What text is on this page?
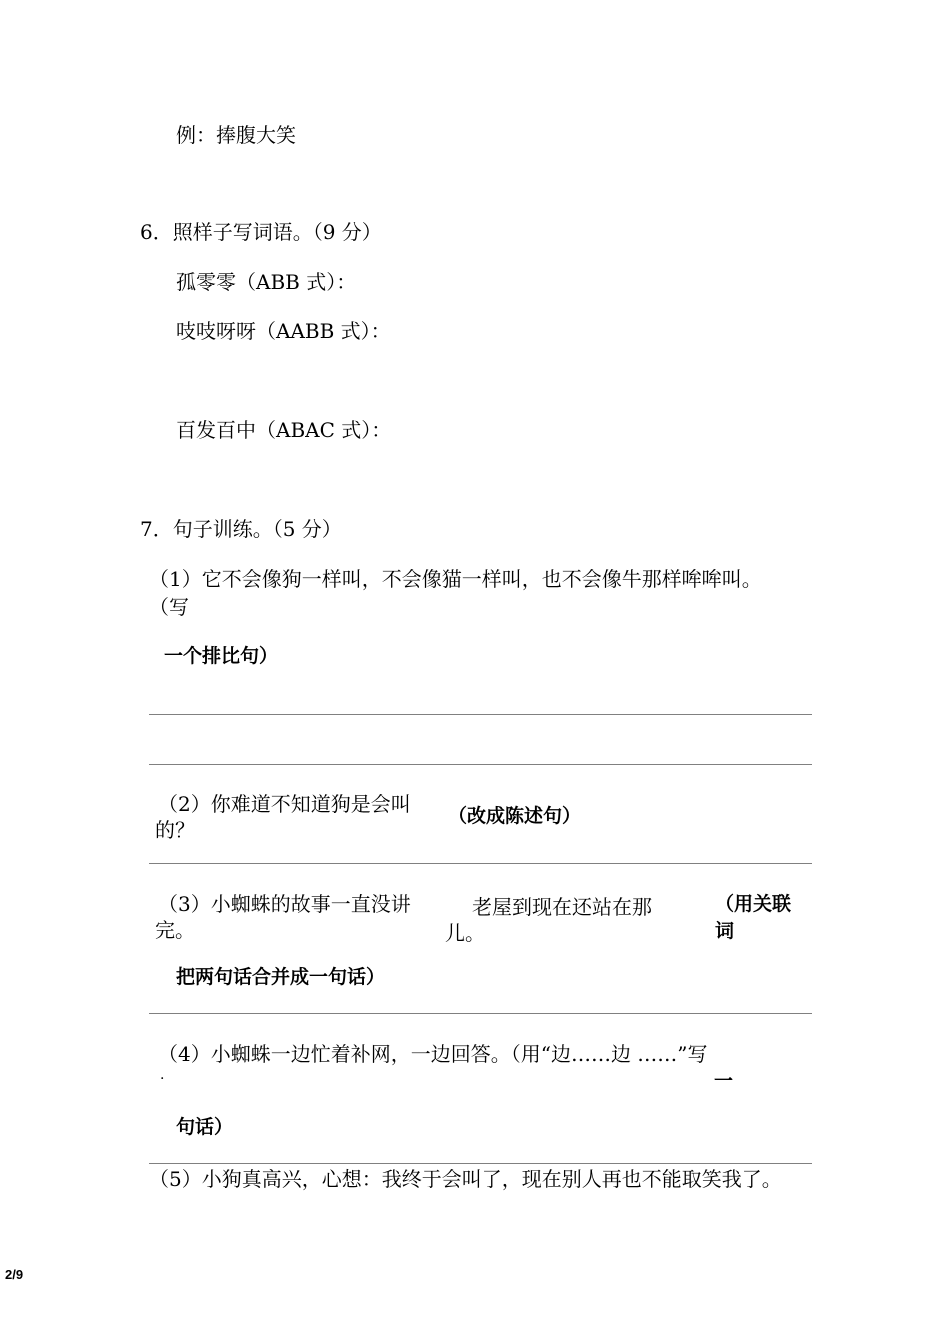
例：捧腹大笑
6．照样子写词语。（9 分）
孤零零（ABB 式）：
吱吱呀呀（AABB 式）：
百发百中（ABAC 式）：
7．句子训练。（5 分）
（1）它不会像狗一样叫，不会像猫一样叫，也不会像牛那样哞哞叫。
（写
一个排比句）
（2）你难道不知道狗是会叫
的？
（改成陈述句）
（3）小蜘蛛的故事一直没讲
完。
老屋到现在还站在那
儿。
（用关联
词
把两句话合并成一句话）
（4）小蜘蛛一边忙着补网，一边回答。（用“边……边 ……”写
·	一
句话）
（5）小狗真高兴，心想：我终于会叫了，现在别人再也不能取笑我了。
2/9
